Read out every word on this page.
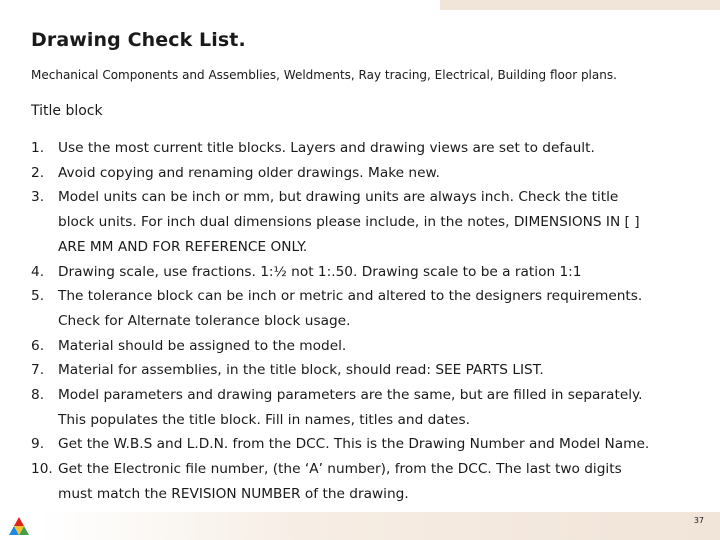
Drawing Check List.

Mechanical Components and Assemblies, Weldments, Ray tracing, Electrical, Building floor plans.

Title block

1.	Use the most current title blocks. Layers and drawing views are set to default.
2.	Avoid copying and renaming older drawings. Make new.
3.	Model units can be inch or mm, but drawing units are always inch. Check the title
block units. For inch dual dimensions please include, in the notes, DIMENSIONS IN [ ]
ARE MM AND FOR REFERENCE ONLY.
4.	Drawing scale, use fractions. 1:½ not 1:.50. Drawing scale to be a ration 1:1
5.	The tolerance block can be inch or metric and altered to the designers requirements.
Check for Alternate tolerance block usage.
6.	Material should be assigned to the model.
7.	Material for assemblies, in the title block, should read: SEE PARTS LIST.
8.	Model parameters and drawing parameters are the same, but are filled in separately.
This populates the title block. Fill in names, titles and dates.
9.	Get the W.B.S and L.D.N. from the DCC. This is the Drawing Number and Model Name.
10. Get the Electronic file number, (the ‘A’ number), from the DCC. The last two digits
must match the REVISION NUMBER of the drawing.
37
